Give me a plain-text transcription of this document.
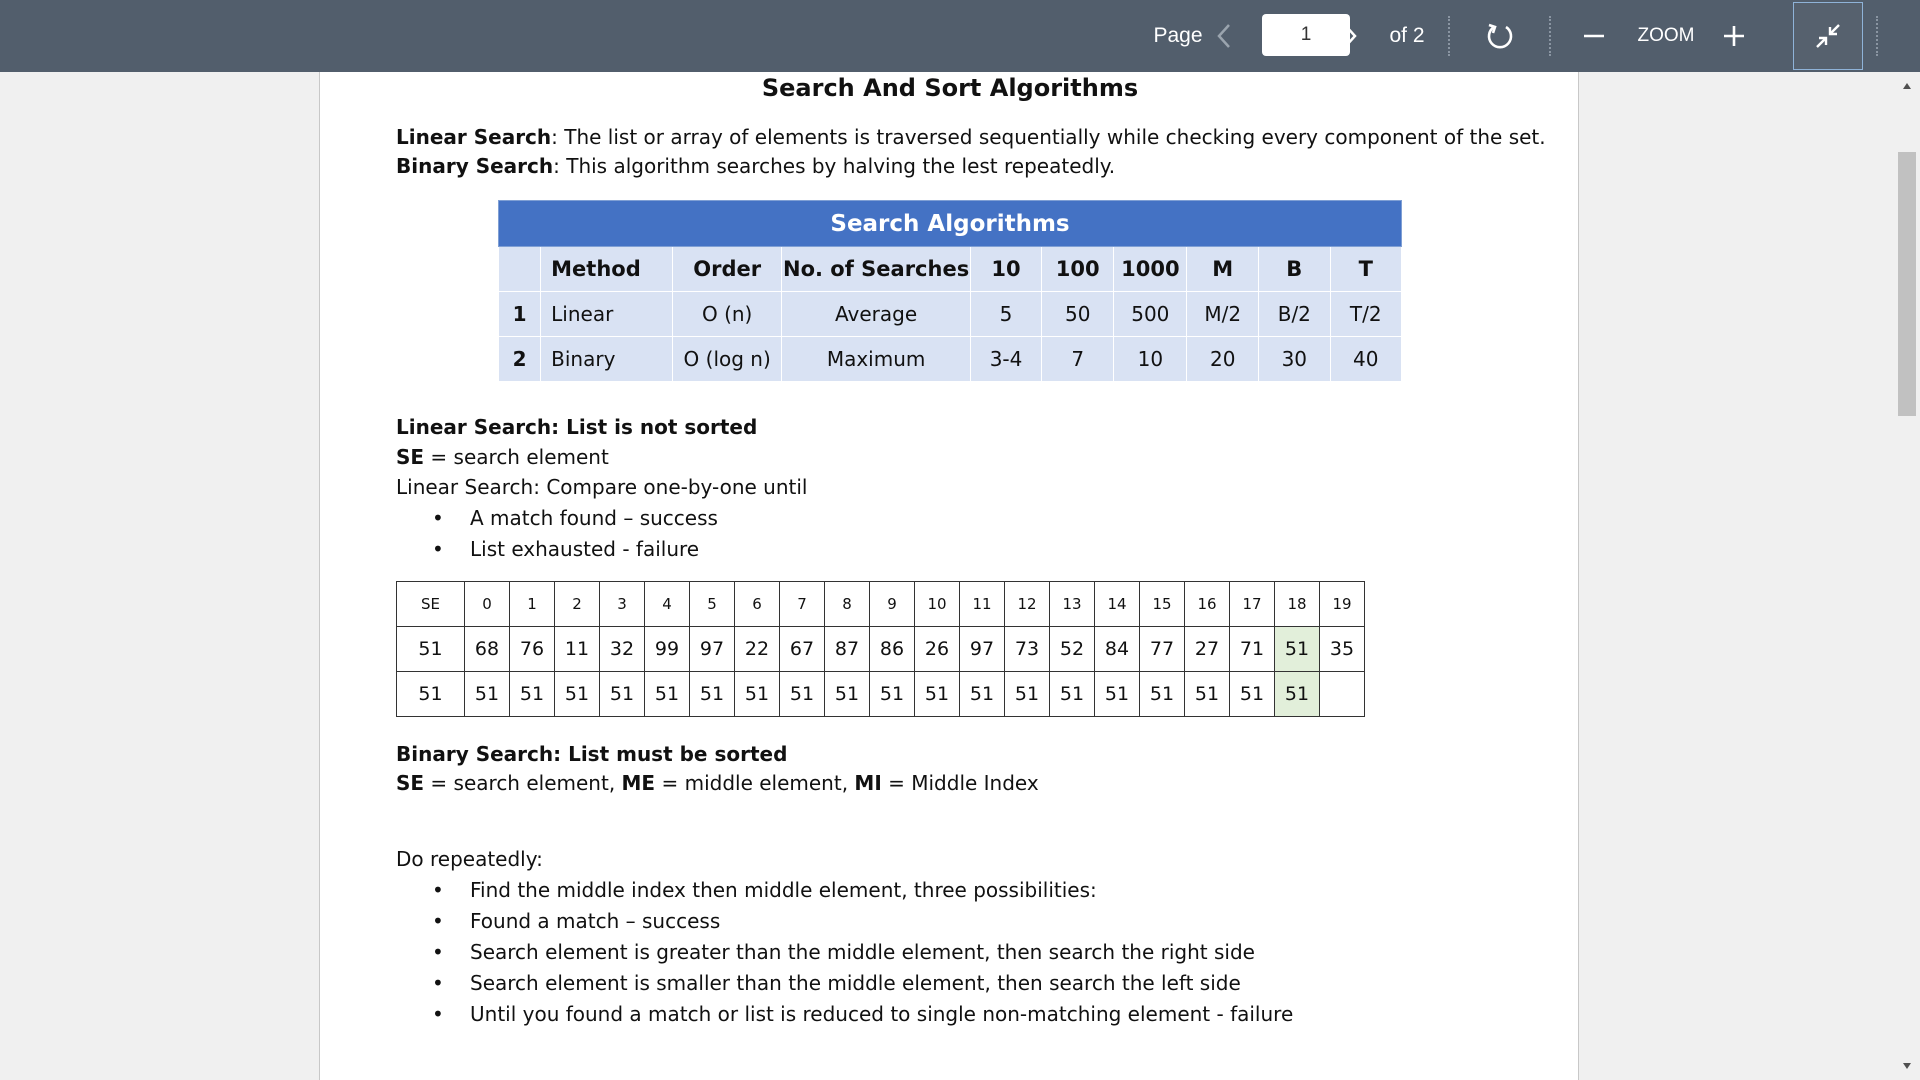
Page
1	of 2	ZOOM
Search And Sort Algorithms
Linear Search: The list or array of elements is traversed sequentially while checking every component of the set.
Binary Search: This algorithm searches by halving the lest repeatedly.
Search Algorithms									
	Method	Order	No. of Searches	10	100	1000	M	B	T
1	Linear	O (n)	Average	5	50	500	M/2	B/2	T/2
2	Binary	O (log n)	Maximum	3-4	7	10	20	30	40
Linear Search: List is not sorted
SE = search element
Linear Search: Compare one-by-one until
• A match found – success
• List exhausted - failure
SE	0	1	2	3	4	5	6	7	8	9	10	11	12	13	14	15	16	17	18	19
51	68	76	11	32	99	97	22	67	87	86	26	97	73	52	84	77	27	71	51	35
51	51	51	51	51	51	51	51	51	51	51	51	51	51	51	51	51	51	51	51	
Binary Search: List must be sorted
SE = search element, ME = middle element, MI = Middle Index
Do repeatedly:
• Find the middle index then middle element, three possibilities:
• Found a match – success
• Search element is greater than the middle element, then search the right side
• Search element is smaller than the middle element, then search the left side
• Until you found a match or list is reduced to single non-matching element - failure
